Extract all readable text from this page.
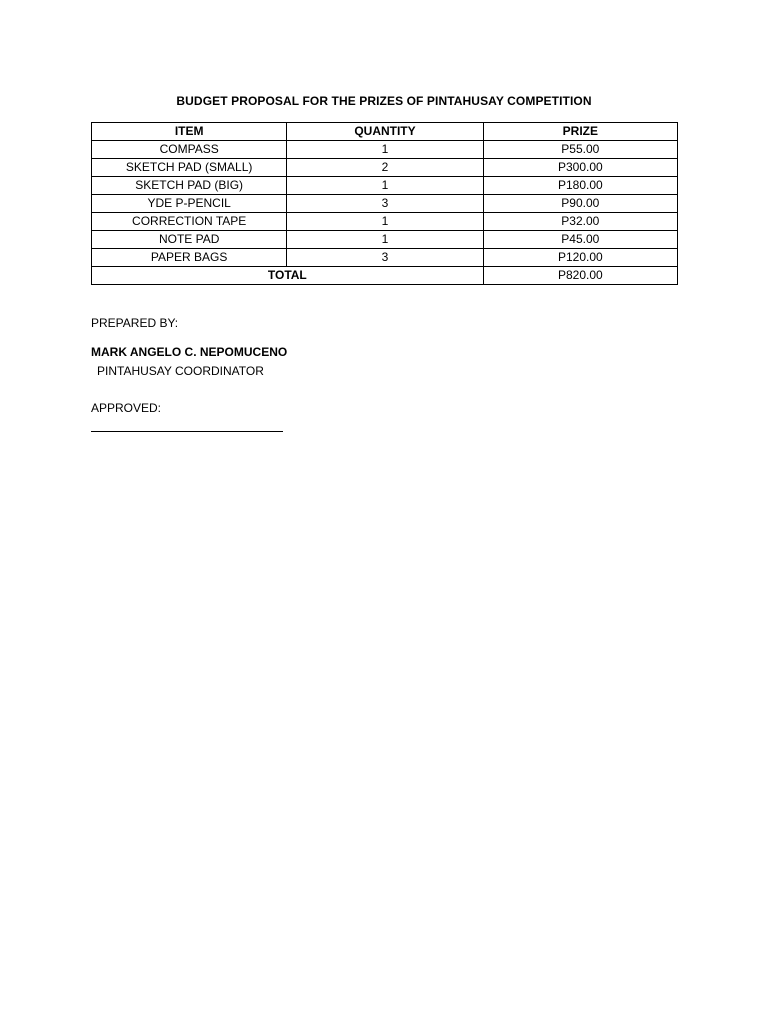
BUDGET PROPOSAL FOR THE PRIZES OF PINTAHUSAY COMPETITION
ITEM	QUANTITY	PRIZE
COMPASS	1	P55.00
SKETCH PAD (SMALL)	2	P300.00
SKETCH PAD (BIG)	1	P180.00
YDE P-PENCIL	3	P90.00
CORRECTION TAPE	1	P32.00
NOTE PAD	1	P45.00
PAPER BAGS	3	P120.00
TOTAL		P820.00
PREPARED BY:
MARK ANGELO C. NEPOMUCENO
PINTAHUSAY COORDINATOR
APPROVED:
